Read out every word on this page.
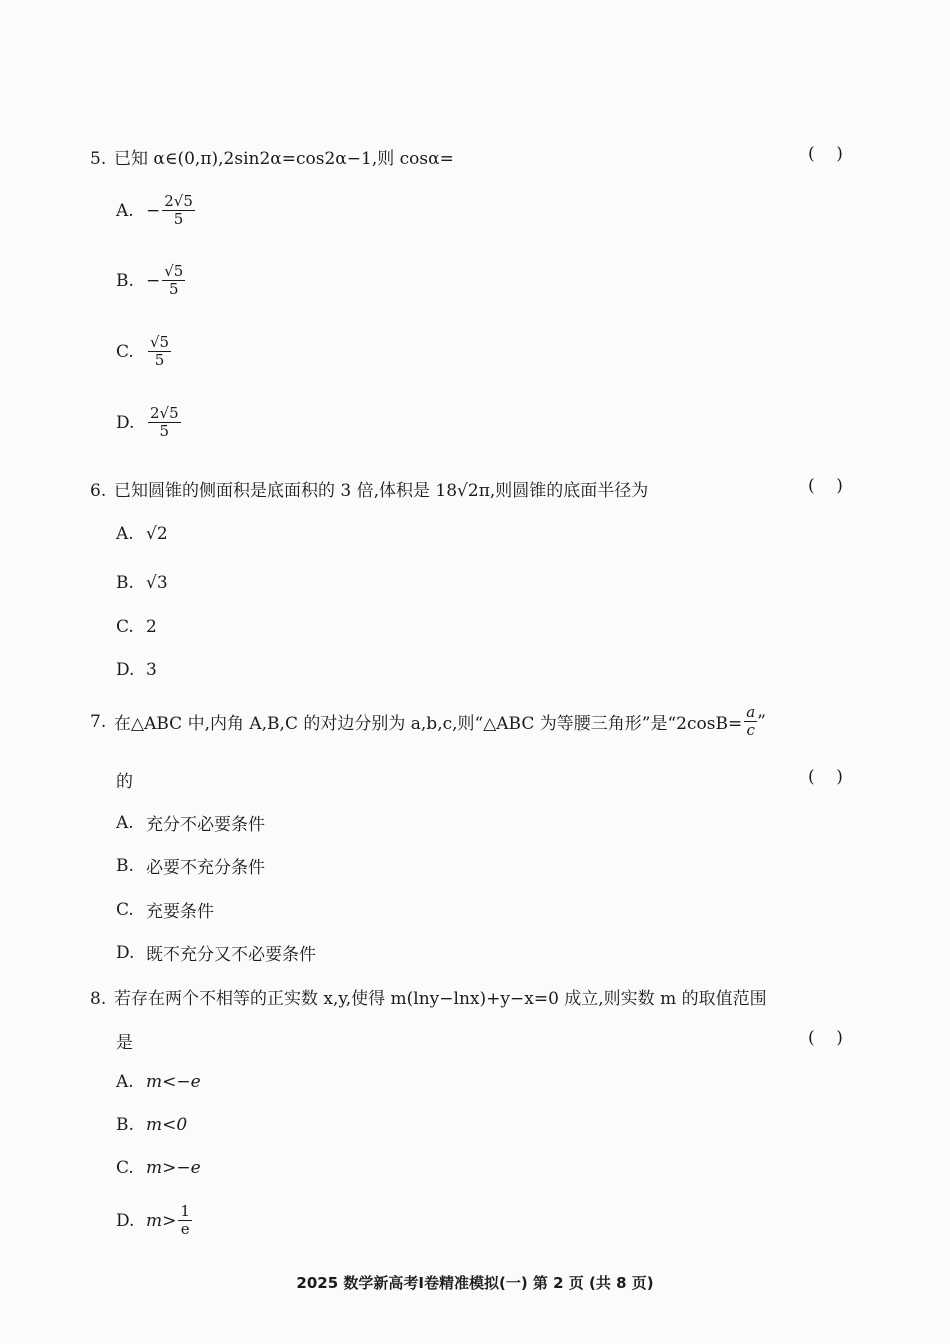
5. 已知 α∈(0,π),2sin2α=cos2α−1,则 cosα=	(    )
A. − $\frac{2√5}{5}$
B. − $\frac{√5}{5}$
C. $\frac{√5}{5}$
D. $\frac{2√5}{5}$
6. 已知圆锥的侧面积是底面积的 3 倍,体积是 18√2π,则圆锥的底面半径为	(    )
A. √2
B. √3
C. 2
D. 3
7. 在△ABC 中,内角 A,B,C 的对边分别为 a,b,c,则“△ABC 为等腰三角形”是“$2\cos B= \frac{a}{c}$ ”
的	(    )
A. 充分不必要条件
B. 必要不充分条件
C. 充要条件
D. 既不充分又不必要条件
8. 若存在两个不相等的正实数 x,y,使得 m(lny−lnx)+y−x=0 成立,则实数 m 的取值范围
是	(    )
A. m<−e
B. m<0
C. m>−e
D. $m> \frac{1}{e}$
2025 数学新高考Ⅰ卷精准模拟(一) 第 2 页 (共 8 页)
